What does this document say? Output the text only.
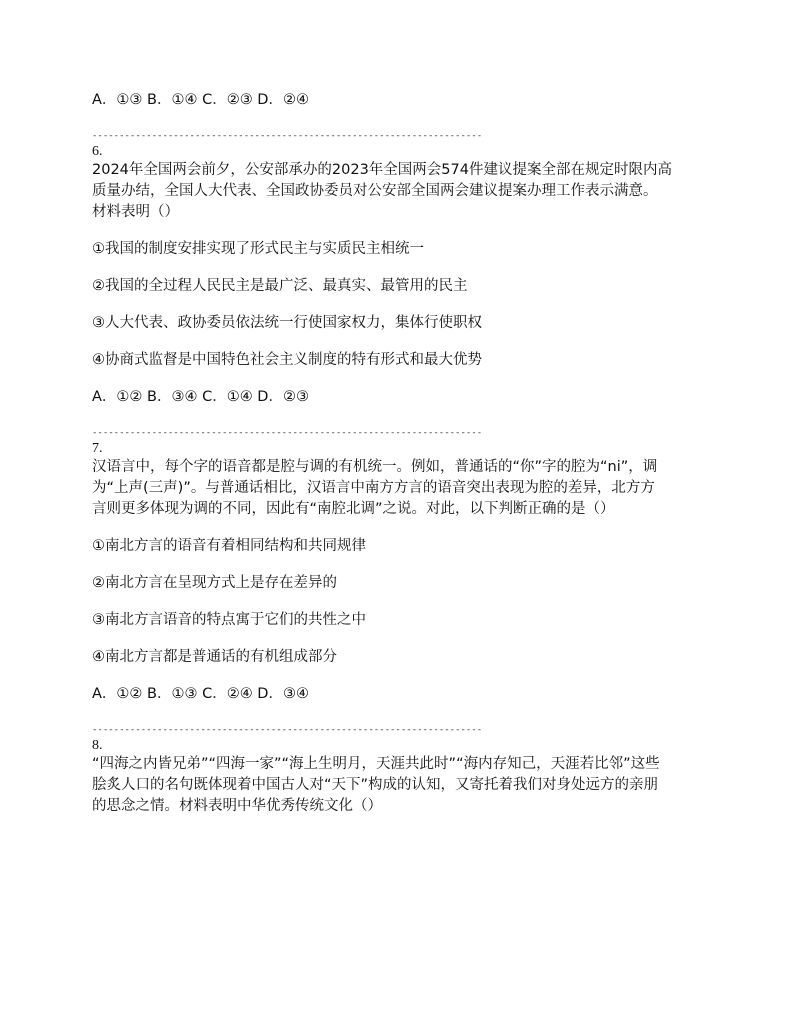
A．①③ B．①④ C．②③ D．②④
------------------------------------------------------------------------
6.
2024年全国两会前夕，公安部承办的2023年全国两会574件建议提案全部在规定时限内高
质量办结，全国人大代表、全国政协委员对公安部全国两会建议提案办理工作表示满意。
材料表明（）
①我国的制度安排实现了形式民主与实质民主相统一
②我国的全过程人民民主是最广泛、最真实、最管用的民主
③人大代表、政协委员依法统一行使国家权力，集体行使职权
④协商式监督是中国特色社会主义制度的特有形式和最大优势
A．①② B．③④ C．①④ D．②③
------------------------------------------------------------------------
7.
汉语言中，每个字的语音都是腔与调的有机统一。例如，普通话的“你”字的腔为“ni”，调
为“上声(三声)”。与普通话相比，汉语言中南方方言的语音突出表现为腔的差异，北方方
言则更多体现为调的不同，因此有“南腔北调”之说。对此，以下判断正确的是（）
①南北方言的语音有着相同结构和共同规律
②南北方言在呈现方式上是存在差异的
③南北方言语音的特点寓于它们的共性之中
④南北方言都是普通话的有机组成部分
A．①② B．①③ C．②④ D．③④
------------------------------------------------------------------------
8.
“四海之内皆兄弟”“四海一家”“海上生明月，天涯共此时”“海内存知己，天涯若比邻”这些
脍炙人口的名句既体现着中国古人对“天下”构成的认知，又寄托着我们对身处远方的亲朋
的思念之情。材料表明中华优秀传统文化（）
